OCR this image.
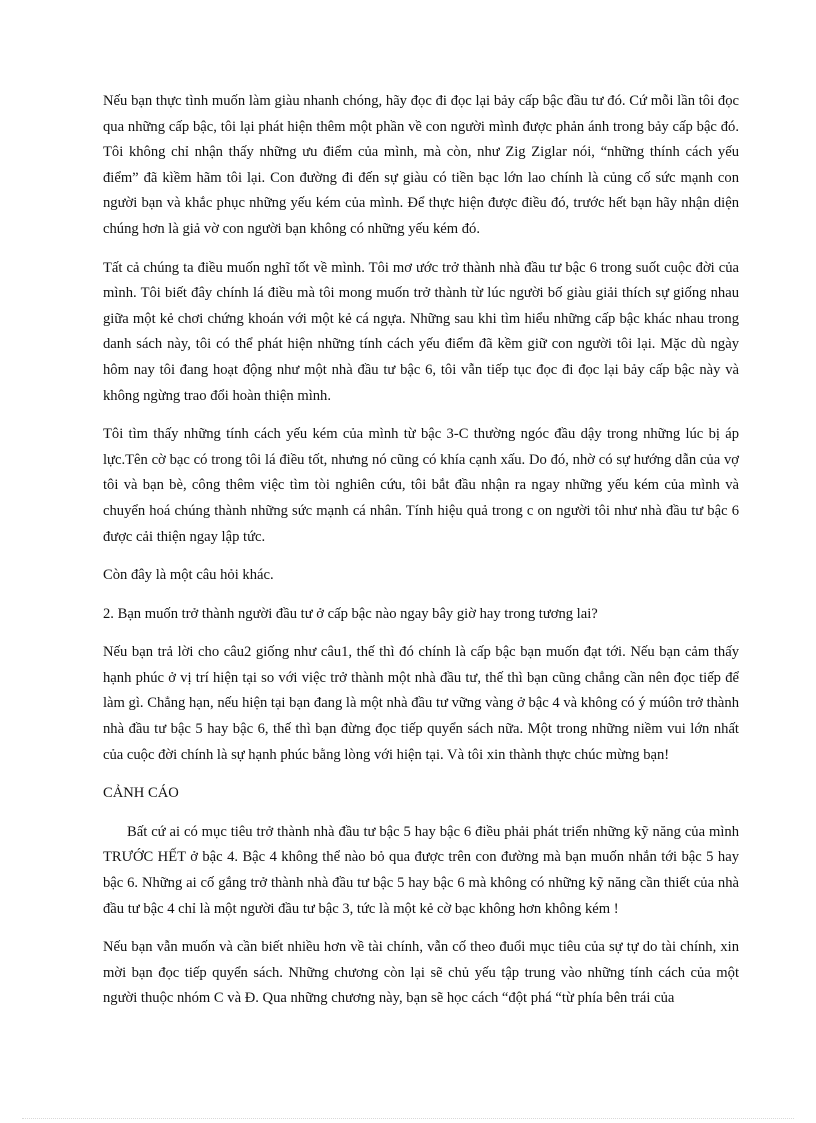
Nếu bạn thực tình muốn làm giàu nhanh chóng, hãy đọc đi đọc lại bảy cấp bậc đầu tư đó. Cứ mỗi lần tôi đọc qua những cấp bậc, tôi lại phát hiện thêm một phần về con người mình được phản ánh trong bảy cấp bậc đó. Tôi không chỉ nhận thấy những ưu điểm của mình, mà còn, như Zig Ziglar nói, “những thính cách yếu điểm” đã kìềm hãm tôi lại. Con đường đi đến sự giàu có tiền bạc lớn lao chính là củng cố sức mạnh con người bạn và khắc phục những yếu kém của mình. Để thực hiện được điều đó, trước hết bạn hãy nhận diện chúng hơn là giả vờ con người bạn không có những yếu kém đó.

Tất cả chúng ta điều muốn nghĩ tốt về mình. Tôi mơ ước trở thành nhà đầu tư bậc 6 trong suốt cuộc đời của mình. Tôi biết đây chính lá điều mà tôi mong muốn trở thành từ lúc người bố giàu giải thích sự giống nhau giữa một kẻ chơi chứng khoán với một kẻ cá ngựa. Những sau khi tìm hiểu những cấp bậc khác nhau trong danh sách này, tôi có thể phát hiện những tính cách yếu điểm đã kềm giữ con người tôi lại. Mặc dù ngày hôm nay tôi đang hoạt động như một nhà đầu tư bậc 6, tôi vẫn tiếp tục đọc đi đọc lại bảy cấp bậc này và không ngừng trao đổi hoàn thiện mình.

Tôi tìm thấy những tính cách yếu kém của mình từ bậc 3-C thường ngóc đầu dậy trong những lúc bị áp lực.Tên cờ bạc có trong tôi lá điều tốt, nhưng nó cũng có khía cạnh xấu. Do đó, nhờ có sự hướng dẫn của vợ tôi và bạn bè, công thêm việc tìm tòi nghiên cứu, tôi bắt đầu nhận ra ngay những yếu kém của mình và chuyển hoá chúng thành những sức mạnh cá nhân. Tính hiệu quả trong c on người tôi như nhà đầu tư bậc 6 được cải thiện ngay lập tức.

Còn đây là một câu hỏi khác.

2. Bạn muốn trở thành người đầu tư ở cấp bậc nào ngay bây giờ hay trong tương lai?

Nếu bạn trả lời cho câu2 giống như câu1, thế thì đó chính là cấp bậc bạn muốn đạt tới. Nếu bạn cảm thấy hạnh phúc ở vị trí hiện tại so với việc trở thành một nhà đầu tư, thế thì bạn cũng chẳng cần nên đọc tiếp để làm gì. Chẳng hạn, nếu hiện tại bạn đang là một nhà đầu tư vững vàng ở bậc 4 và không có ý múôn trở thành nhà đầu tư bậc 5 hay bậc 6, thế thì bạn đừng đọc tiếp quyển sách nữa. Một trong những niềm vui lớn nhất của cuộc đời chính là sự hạnh phúc bằng lòng với hiện tại. Và tôi xin thành thực chúc mừng bạn!

CẢNH CÁO

Bất cứ ai có mục tiêu trở thành nhà đầu tư bậc 5 hay bậc 6 điều phải phát triển những kỹ năng của mình TRƯỚC HẾT ở bậc 4. Bậc 4 không thể nào bỏ qua được trên con đường mà bạn muốn nhắn tới bậc 5 hay bậc 6. Những ai cố gắng trở thành nhà đầu tư bậc 5 hay bậc 6 mà không có những kỹ năng cần thiết của nhà đầu tư bậc 4 chỉ là một người đầu tư bậc 3, tức là một kẻ cờ bạc không hơn không kém !

Nếu bạn vẫn muốn và cần biết nhiều hơn về tài chính, vẫn cố theo đuổi mục tiêu của sự tự do tài chính, xin mời bạn đọc tiếp quyển sách. Những chương còn lại sẽ chủ yếu tập trung vào những tính cách của một người thuộc nhóm C và Đ. Qua những chương này, bạn sẽ học cách “đột phá “từ phía bên trái của
